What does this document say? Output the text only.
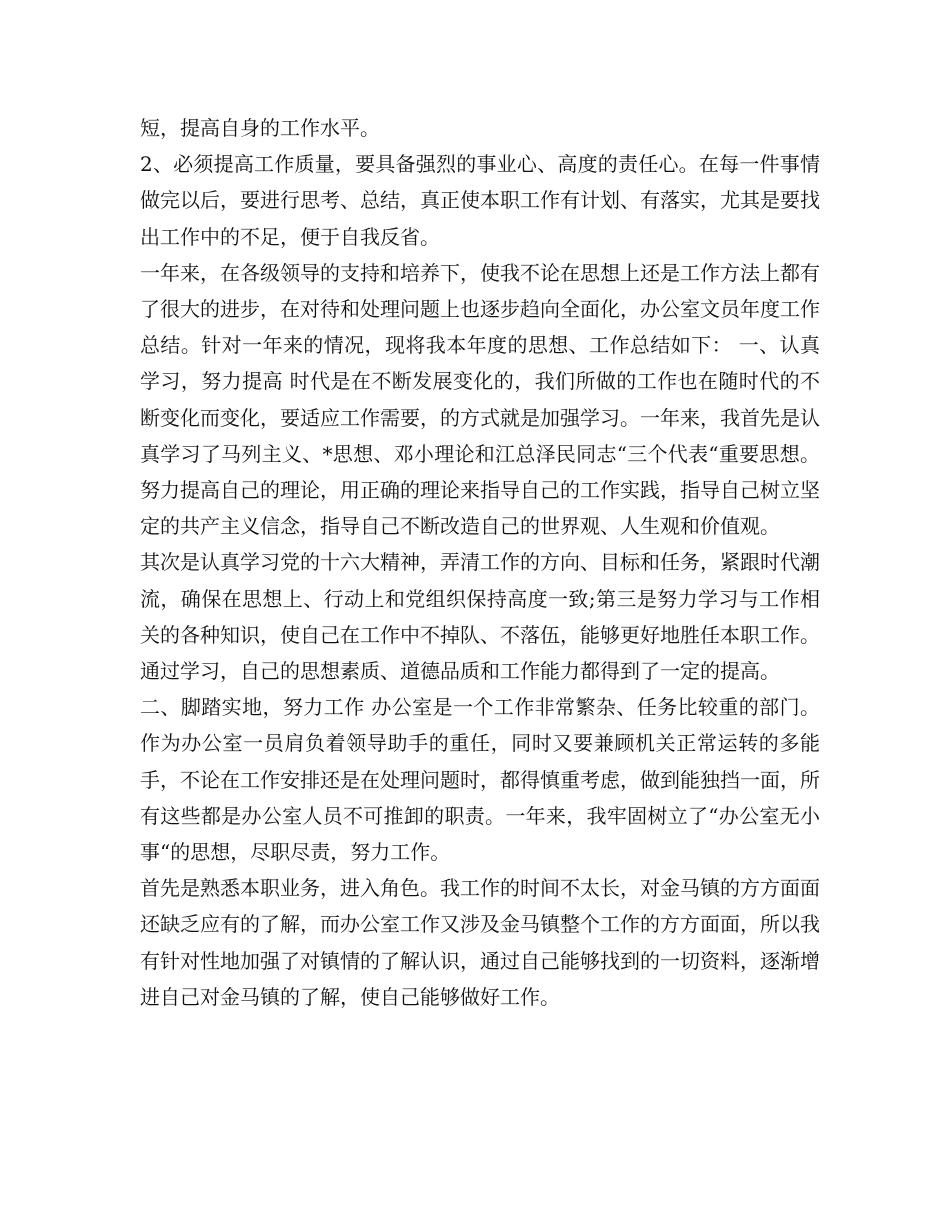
短，提高自身的工作水平。

2、必须提高工作质量，要具备强烈的事业心、高度的责任心。在每一件事情做完以后，要进行思考、总结，真正使本职工作有计划、有落实，尤其是要找出工作中的不足，便于自我反省。

一年来，在各级领导的支持和培养下，使我不论在思想上还是工作方法上都有了很大的进步，在对待和处理问题上也逐步趋向全面化，办公室文员年度工作总结。针对一年来的情况，现将我本年度的思想、工作总结如下： 一、认真学习，努力提高 时代是在不断发展变化的，我们所做的工作也在随时代的不断变化而变化，要适应工作需要，的方式就是加强学习。一年来，我首先是认真学习了马列主义、*思想、邓小理论和江总泽民同志“三个代表“重要思想。努力提高自己的理论，用正确的理论来指导自己的工作实践，指导自己树立坚定的共产主义信念，指导自己不断改造自己的世界观、人生观和价值观。

其次是认真学习党的十六大精神，弄清工作的方向、目标和任务，紧跟时代潮流，确保在思想上、行动上和党组织保持高度一致;第三是努力学习与工作相关的各种知识，使自己在工作中不掉队、不落伍，能够更好地胜任本职工作。通过学习，自己的思想素质、道德品质和工作能力都得到了一定的提高。

二、脚踏实地，努力工作 办公室是一个工作非常繁杂、任务比较重的部门。作为办公室一员肩负着领导助手的重任，同时又要兼顾机关正常运转的多能手，不论在工作安排还是在处理问题时，都得慎重考虑，做到能独挡一面，所有这些都是办公室人员不可推卸的职责。一年来，我牢固树立了“办公室无小事“的思想，尽职尽责，努力工作。

首先是熟悉本职业务，进入角色。我工作的时间不太长，对金马镇的方方面面还缺乏应有的了解，而办公室工作又涉及金马镇整个工作的方方面面，所以我有针对性地加强了对镇情的了解认识，通过自己能够找到的一切资料，逐渐增进自己对金马镇的了解，使自己能够做好工作。
